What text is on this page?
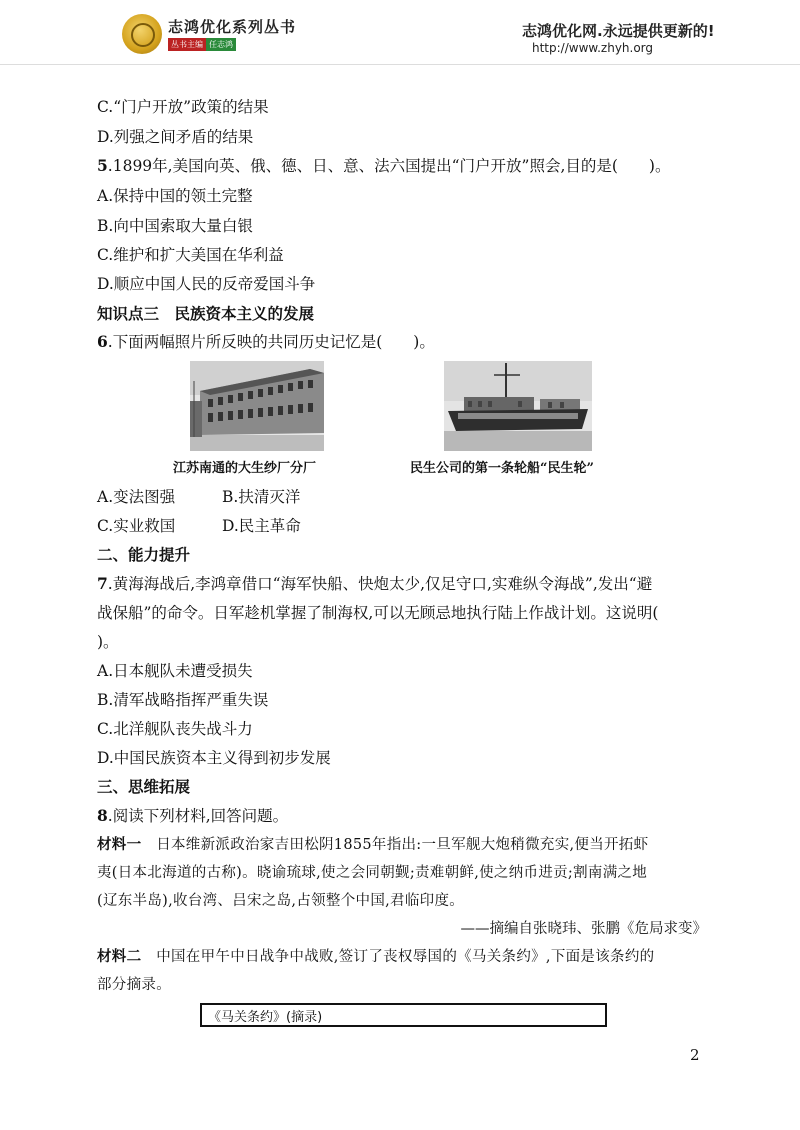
志鸿优化系列丛书
丛书主编 任志鸿
志鸿优化网.永远提供更新的!
http://www.zhyh.org
C.“门户开放”政策的结果
D.列强之间矛盾的结果
5.1899年,美国向英、俄、德、日、意、法六国提出“门户开放”照会,目的是(　　)。
A.保持中国的领土完整
B.向中国索取大量白银
C.维护和扩大美国在华利益
D.顺应中国人民的反帝爱国斗争
知识点三　民族资本主义的发展
6.下面两幅照片所反映的共同历史记忆是(　　)。
江苏南通的大生纱厂分厂	民生公司的第一条轮船“民生轮”
A.变法图强	B.扶清灭洋
C.实业救国	D.民主革命
二、能力提升
7.黄海海战后,李鸿章借口“海军快船、快炮太少,仅足守口,实难纵令海战”,发出“避
战保船”的命令。日军趁机掌握了制海权,可以无顾忌地执行陆上作战计划。这说明(
)。
A.日本舰队未遭受损失
B.清军战略指挥严重失误
C.北洋舰队丧失战斗力
D.中国民族资本主义得到初步发展
三、思维拓展
8.阅读下列材料,回答问题。
材料一　日本维新派政治家吉田松阴1855年指出:一旦军舰大炮稍微充实,便当开拓虾
夷(日本北海道的古称)。晓谕琉球,使之会同朝觐;责难朝鲜,使之纳币进贡;割南满之地
(辽东半岛),收台湾、吕宋之岛,占领整个中国,君临印度。
——摘编自张晓玮、张鹏《危局求变》
材料二　中国在甲午中日战争中战败,签订了丧权辱国的《马关条约》,下面是该条约的
部分摘录。
《马关条约》(摘录)
2
